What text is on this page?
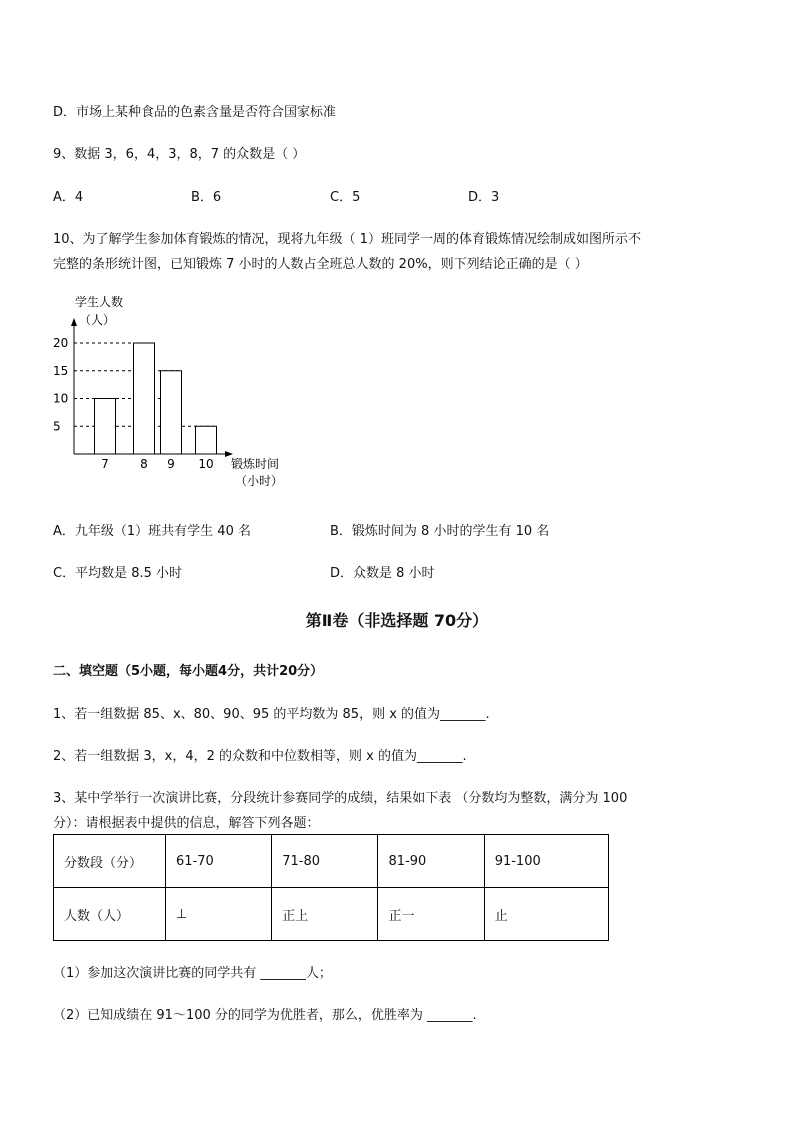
D．市场上某种食品的色素含量是否符合国家标准
9、数据 3，6，4，3，8，7 的众数是（ ）
A．4	B．6	C．5	D．3
10、为了解学生参加体育锻炼的情况，现将九年级（ 1）班同学一周的体育锻炼情况绘制成如图所示不
完整的条形统计图，已知锻炼 7 小时的人数占全班总人数的 20%，则下列结论正确的是（ ）
学生人数
（人）
5
10
15
20
7	8 9 10 锻炼时间
（小时）
A．九年级（1）班共有学生 40 名	B．锻炼时间为 8 小时的学生有 10 名
C．平均数是 8.5 小时	D．众数是 8 小时
第Ⅱ卷（非选择题 70分）
二、填空题（5小题，每小题4分，共计20分）
1、若一组数据 85、x、80、90、95 的平均数为 85，则 x 的值为_______.
2、若一组数据 3，x，4，2 的众数和中位数相等，则 x 的值为_______.
3、某中学举行一次演讲比赛，分段统计参赛同学的成绩，结果如下表 （分数均为整数，满分为 100
分）：请根据表中提供的信息，解答下列各题：
分数段（分）	61-70	71-80	81-90	91-100
人数（人）	⊥	正上	正一	止
（1）参加这次演讲比赛的同学共有 _______人；
（2）已知成绩在 91～100 分的同学为优胜者，那么，优胜率为 _______.
